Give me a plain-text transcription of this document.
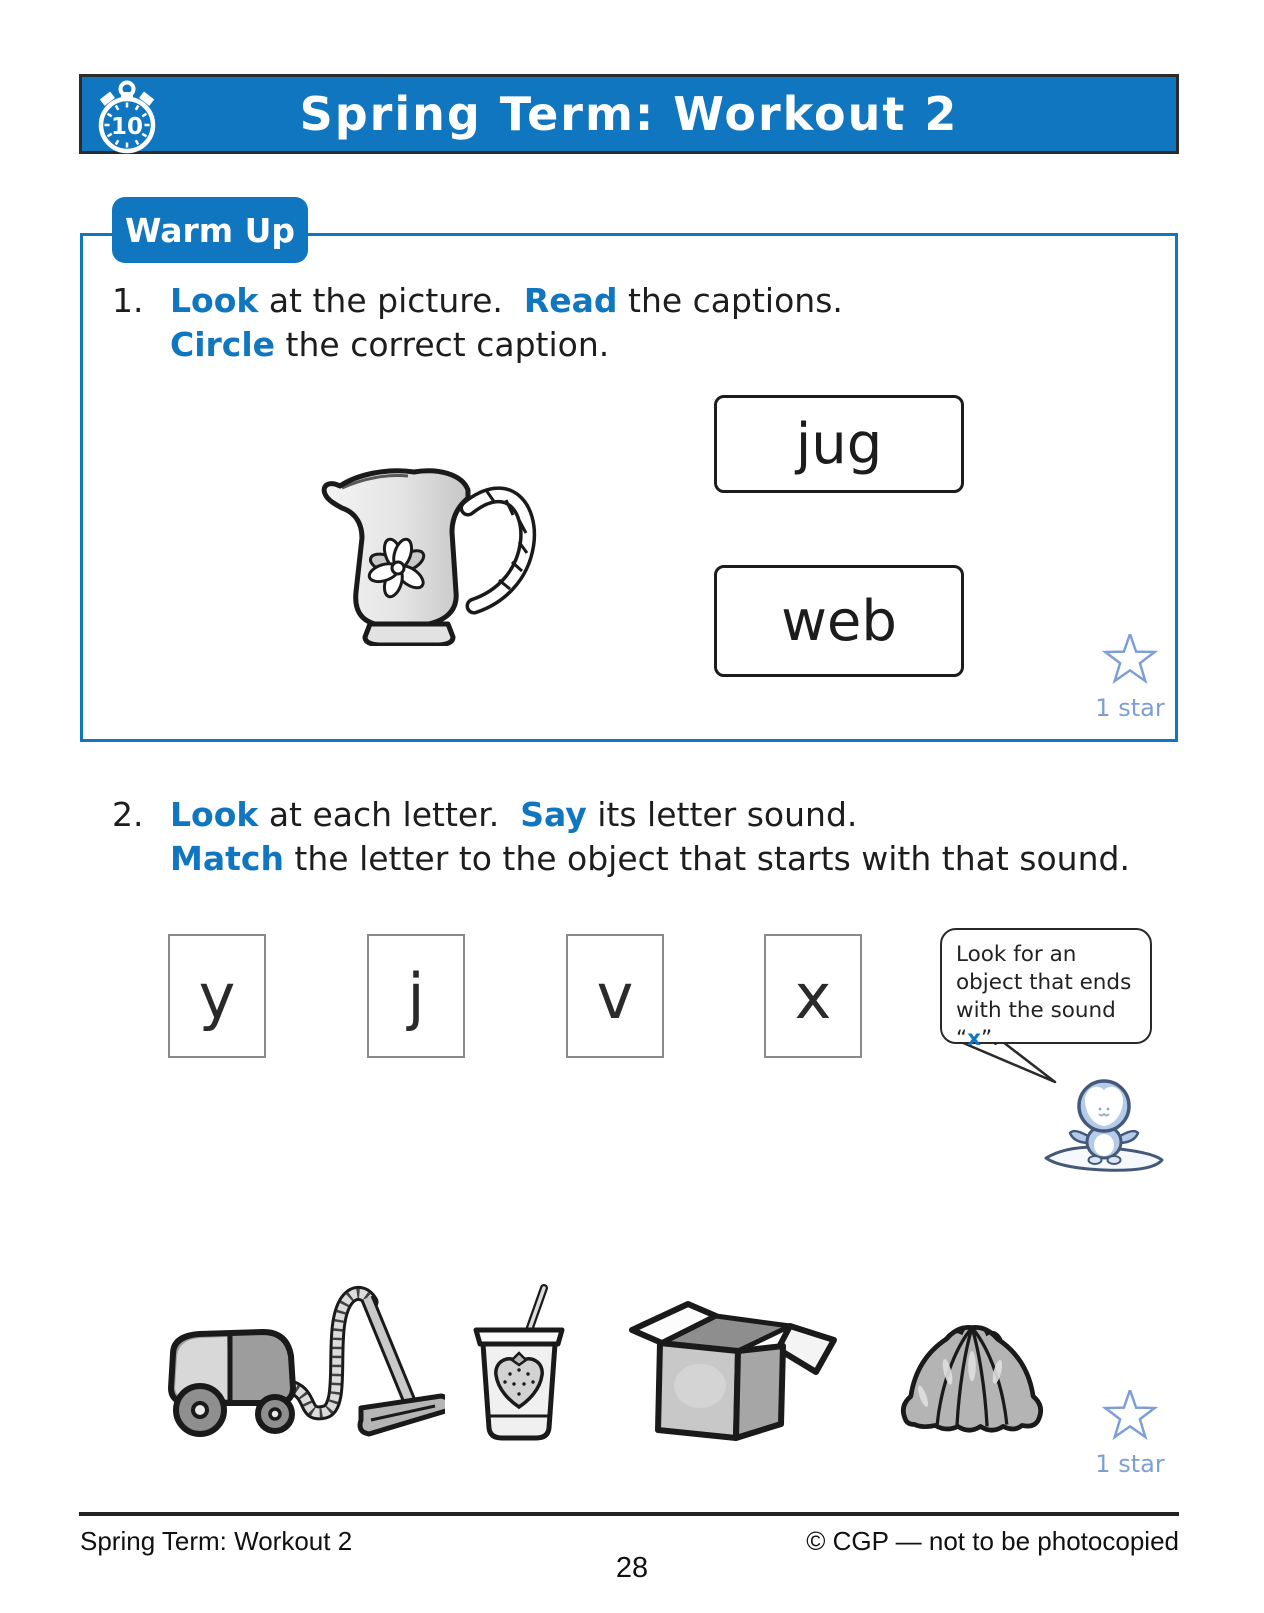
10	Spring Term: Workout 2
Warm Up
1. Look at the picture.  Read the captions.
Circle the correct caption.
jug
web
1 star
2. Look at each letter.  Say its letter sound.
Match the letter to the object that starts with that sound.
y	j	v	x
Look for an object that ends with the sound “x”.
1 star
Spring Term: Workout 2	© CGP — not to be photocopied
28
